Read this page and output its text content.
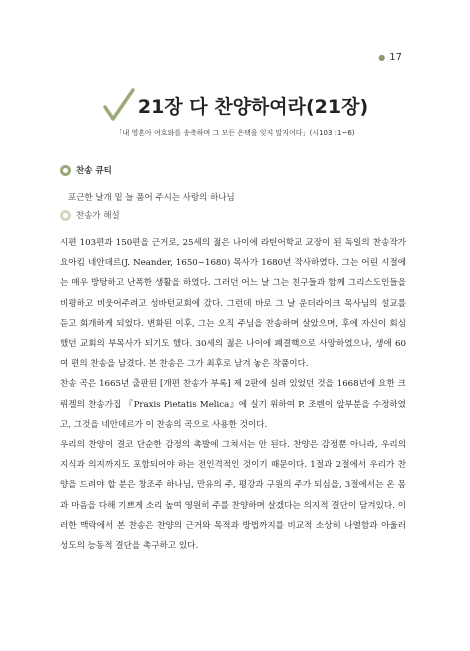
● 17
21장 다 찬양하여라(21장)
「내 영혼아 여호와를 송축하며 그 모든 은택을 잊지 말지어다」(시103 :1~6)
찬송 큐티
포근한 날개 밑 늘 품어 주시는 사랑의 하나님
찬송가 해설

시편 103편과 150편을 근거로, 25세의 젊은 나이에 라틴어학교 교장이 된 독일의 찬송작가 요아킴 네안데르(J. Neander, 1650~1680) 목사가 1680년 작사하였다. 그는 어린 시절에는 매우 방탕하고 난폭한 생활을 하였다. 그러던 어느 날 그는 친구들과 함께 그리스도인들을 비평하고 비웃어주려고 성바턴교회에 갔다. 그런데 바로 그 날 운더라이크 목사님의 설교를 듣고 회개하게 되었다. 변화된 이후, 그는 오직 주님을 찬송하며 살았으며, 후에 자신이 회심했던 교회의 부목사가 되기도 했다. 30세의 젊은 나이에 폐결핵으로 사망하였으나, 생애 60여 편의 찬송을 남겼다. 본 찬송은 그가 최후로 남겨 놓은 작품이다.

찬송 곡은 1665년 출판된 [개편 찬송가 부록] 제 2판에 실려 있었던 것을 1668년에 요한 크뤼겔의 찬송가집 『Praxis Pietatis Melica』에 실기 위하여 P. 조렌이 앞부분을 수정하였고, 그것을 네안데르가 이 찬송의 곡으로 사용한 것이다.

우리의 찬양이 결코 단순한 감정의 촉발에 그쳐서는 안 된다. 찬양은 감정뿐 아니라, 우리의 지식과 의지까지도 포함되어야 하는 전인격적인 것이기 때문이다. 1절과 2절에서 우리가 찬양을 드려야 할 분은 창조주 하나님, 만유의 주, 평강과 구원의 주가 되심을, 3절에서는 온 몸과 마음을 다해 기쁘게 소리 높여 영원히 주를 찬양하며 살겠다는 의지적 결단이 담겨있다. 이러한 맥락에서 본 찬송은 찬양의 근거와 목적과 방법까지를 비교적 소상히 나열함과 아울러 성도의 능동적 결단을 촉구하고 있다.
